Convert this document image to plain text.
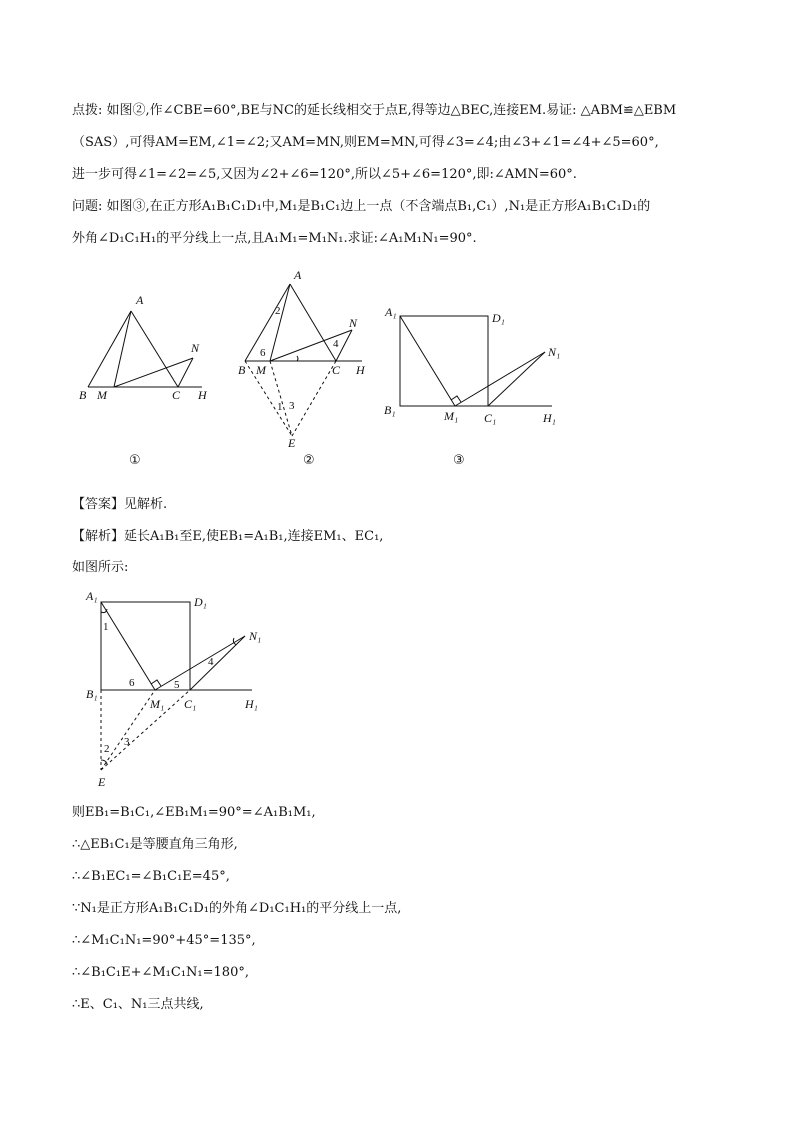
点拨: 如图②,作∠CBE=60°,BE与NC的延长线相交于点E,得等边△BEC,连接EM.易证: △ABM≌△EBM
（SAS）,可得AM=EM,∠1=∠2;又AM=MN,则EM=MN,可得∠3=∠4;由∠3+∠1=∠4+∠5=60°,
进一步可得∠1=∠2=∠5,又因为∠2+∠6=120°,所以∠5+∠6=120°,即:∠AMN=60°.
问题: 如图③,在正方形A₁B₁C₁D₁中,M₁是B₁C₁边上一点（不含端点B₁,C₁）,N₁是正方形A₁B₁C₁D₁的
外角∠D₁C₁H₁的平分线上一点,且A₁M₁=M₁N₁.求证:∠A₁M₁N₁=90°.
【答案】见解析.
【解析】延长A₁B₁至E,使EB₁=A₁B₁,连接EM₁、EC₁,
如图所示:
则EB₁=B₁C₁,∠EB₁M₁=90°=∠A₁B₁M₁,
∴△EB₁C₁是等腰直角三角形,
∴∠B₁EC₁=∠B₁C₁E=45°,
∵N₁是正方形A₁B₁C₁D₁的外角∠D₁C₁H₁的平分线上一点,
∴∠M₁C₁N₁=90°+45°=135°,
∴∠B₁C₁E+∠M₁C₁N₁=180°,
∴E、C₁、N₁三点共线,
A
B M	C H
N
①
A
B M	C H
N
E
2
6
4
1 3
②
A₁	D₁
B₁	M₁ C₁	H₁
N₁
③
A₁	D₁
B₁
M₁ C₁	H₁
N₁
E
1
6	5
4
2
3
